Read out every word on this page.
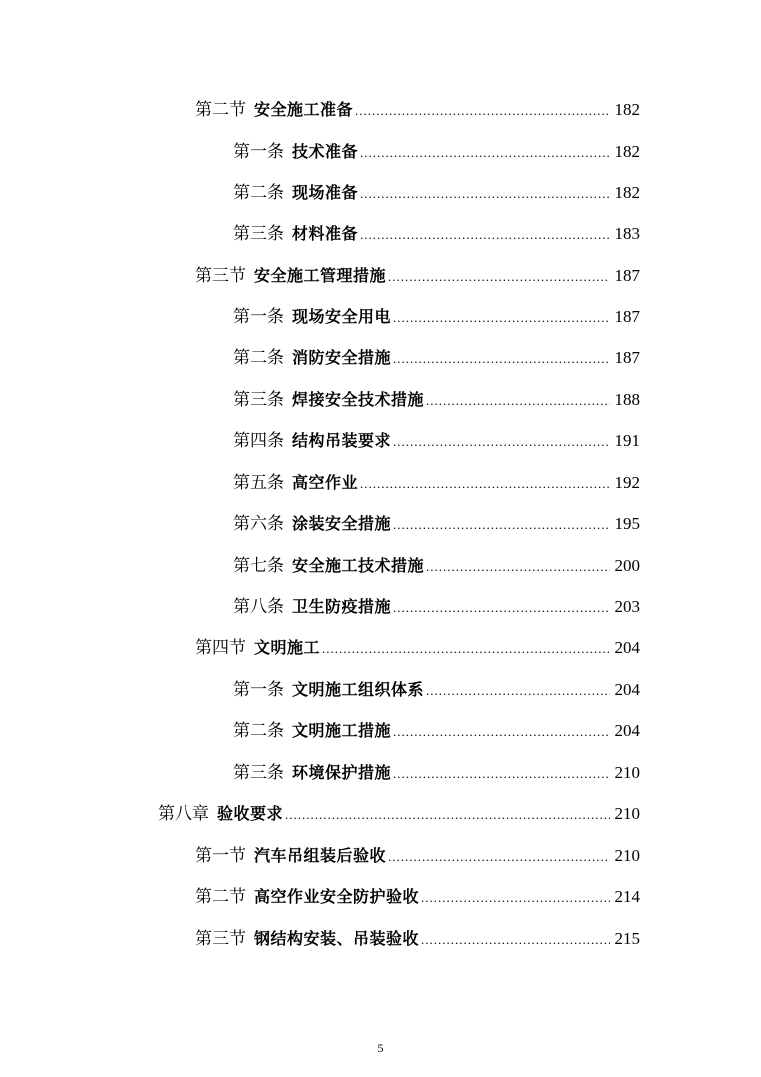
第二节 安全施工准备 .....	182
第一条 技术准备 .....	182
第二条 现场准备 .....	182
第三条 材料准备 .....	183
第三节 安全施工管理措施 .....	187
第一条 现场安全用电 .....	187
第二条 消防安全措施 .....	187
第三条 焊接安全技术措施 .....	188
第四条 结构吊装要求 .....	191
第五条 高空作业 .....	192
第六条 涂装安全措施 .....	195
第七条 安全施工技术措施 .....	200
第八条 卫生防疫措施 .....	203
第四节 文明施工 .....	204
第一条 文明施工组织体系 .....	204
第二条 文明施工措施 .....	204
第三条 环境保护措施 .....	210
第八章 验收要求 .....	210
第一节 汽车吊组装后验收 .....	210
第二节 高空作业安全防护验收 .....	214
第三节 钢结构安装、吊装验收 .....	215
5
